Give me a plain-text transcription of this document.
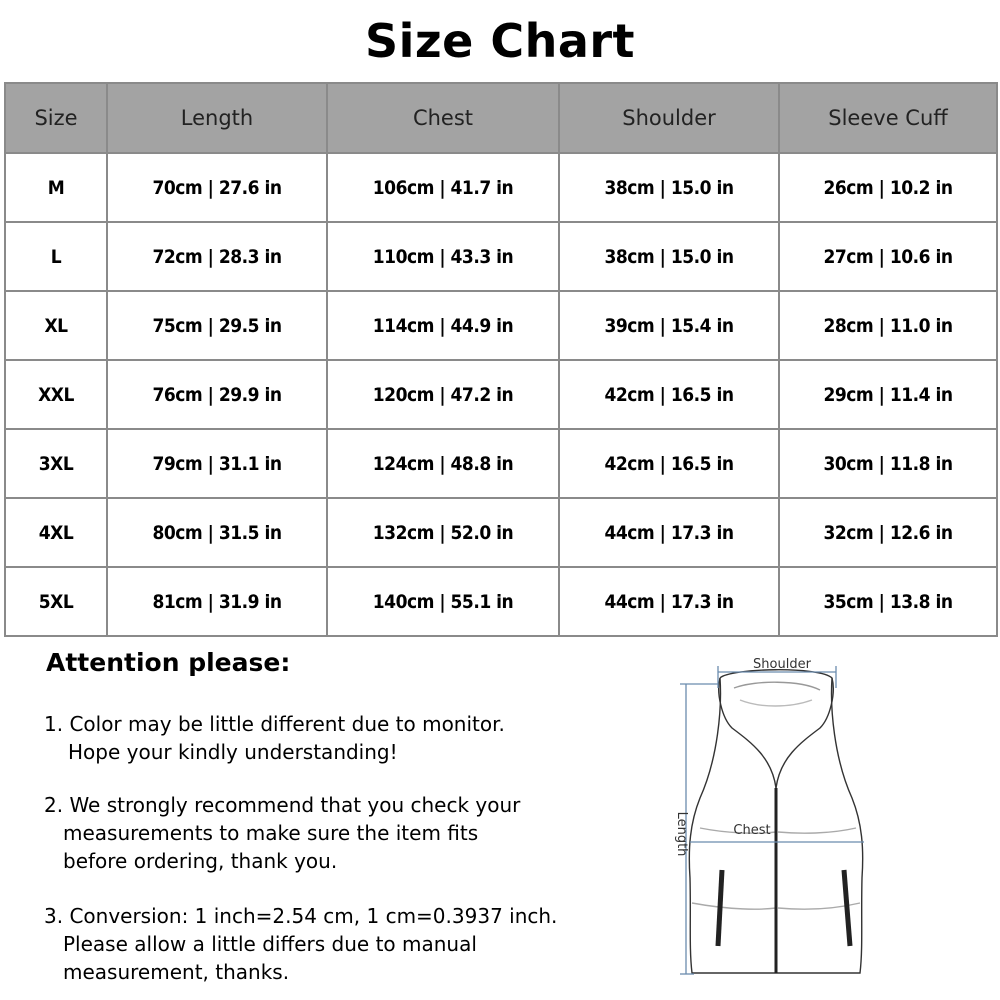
Size Chart
Size	Length	Chest	Shoulder	Sleeve Cuff
M	70cm | 27.6 in	106cm | 41.7 in	38cm | 15.0 in	26cm | 10.2 in
L	72cm | 28.3 in	110cm | 43.3 in	38cm | 15.0 in	27cm | 10.6 in
XL	75cm | 29.5 in	114cm | 44.9 in	39cm | 15.4 in	28cm | 11.0 in
XXL	76cm | 29.9 in	120cm | 47.2 in	42cm | 16.5 in	29cm | 11.4 in
3XL	79cm | 31.1 in	124cm | 48.8 in	42cm | 16.5 in	30cm | 11.8 in
4XL	80cm | 31.5 in	132cm | 52.0 in	44cm | 17.3 in	32cm | 12.6 in
5XL	81cm | 31.9 in	140cm | 55.1 in	44cm | 17.3 in	35cm | 13.8 in
Attention please:
1. Color may be little different due to monitor.
Hope your kindly understanding!
2. We strongly recommend that you check your
measurements to make sure the item fits
before ordering, thank you.
3. Conversion: 1 inch=2.54 cm, 1 cm=0.3937 inch.
Please allow a little differs due to manual
measurement, thanks.
Shoulder
Chest
Length
